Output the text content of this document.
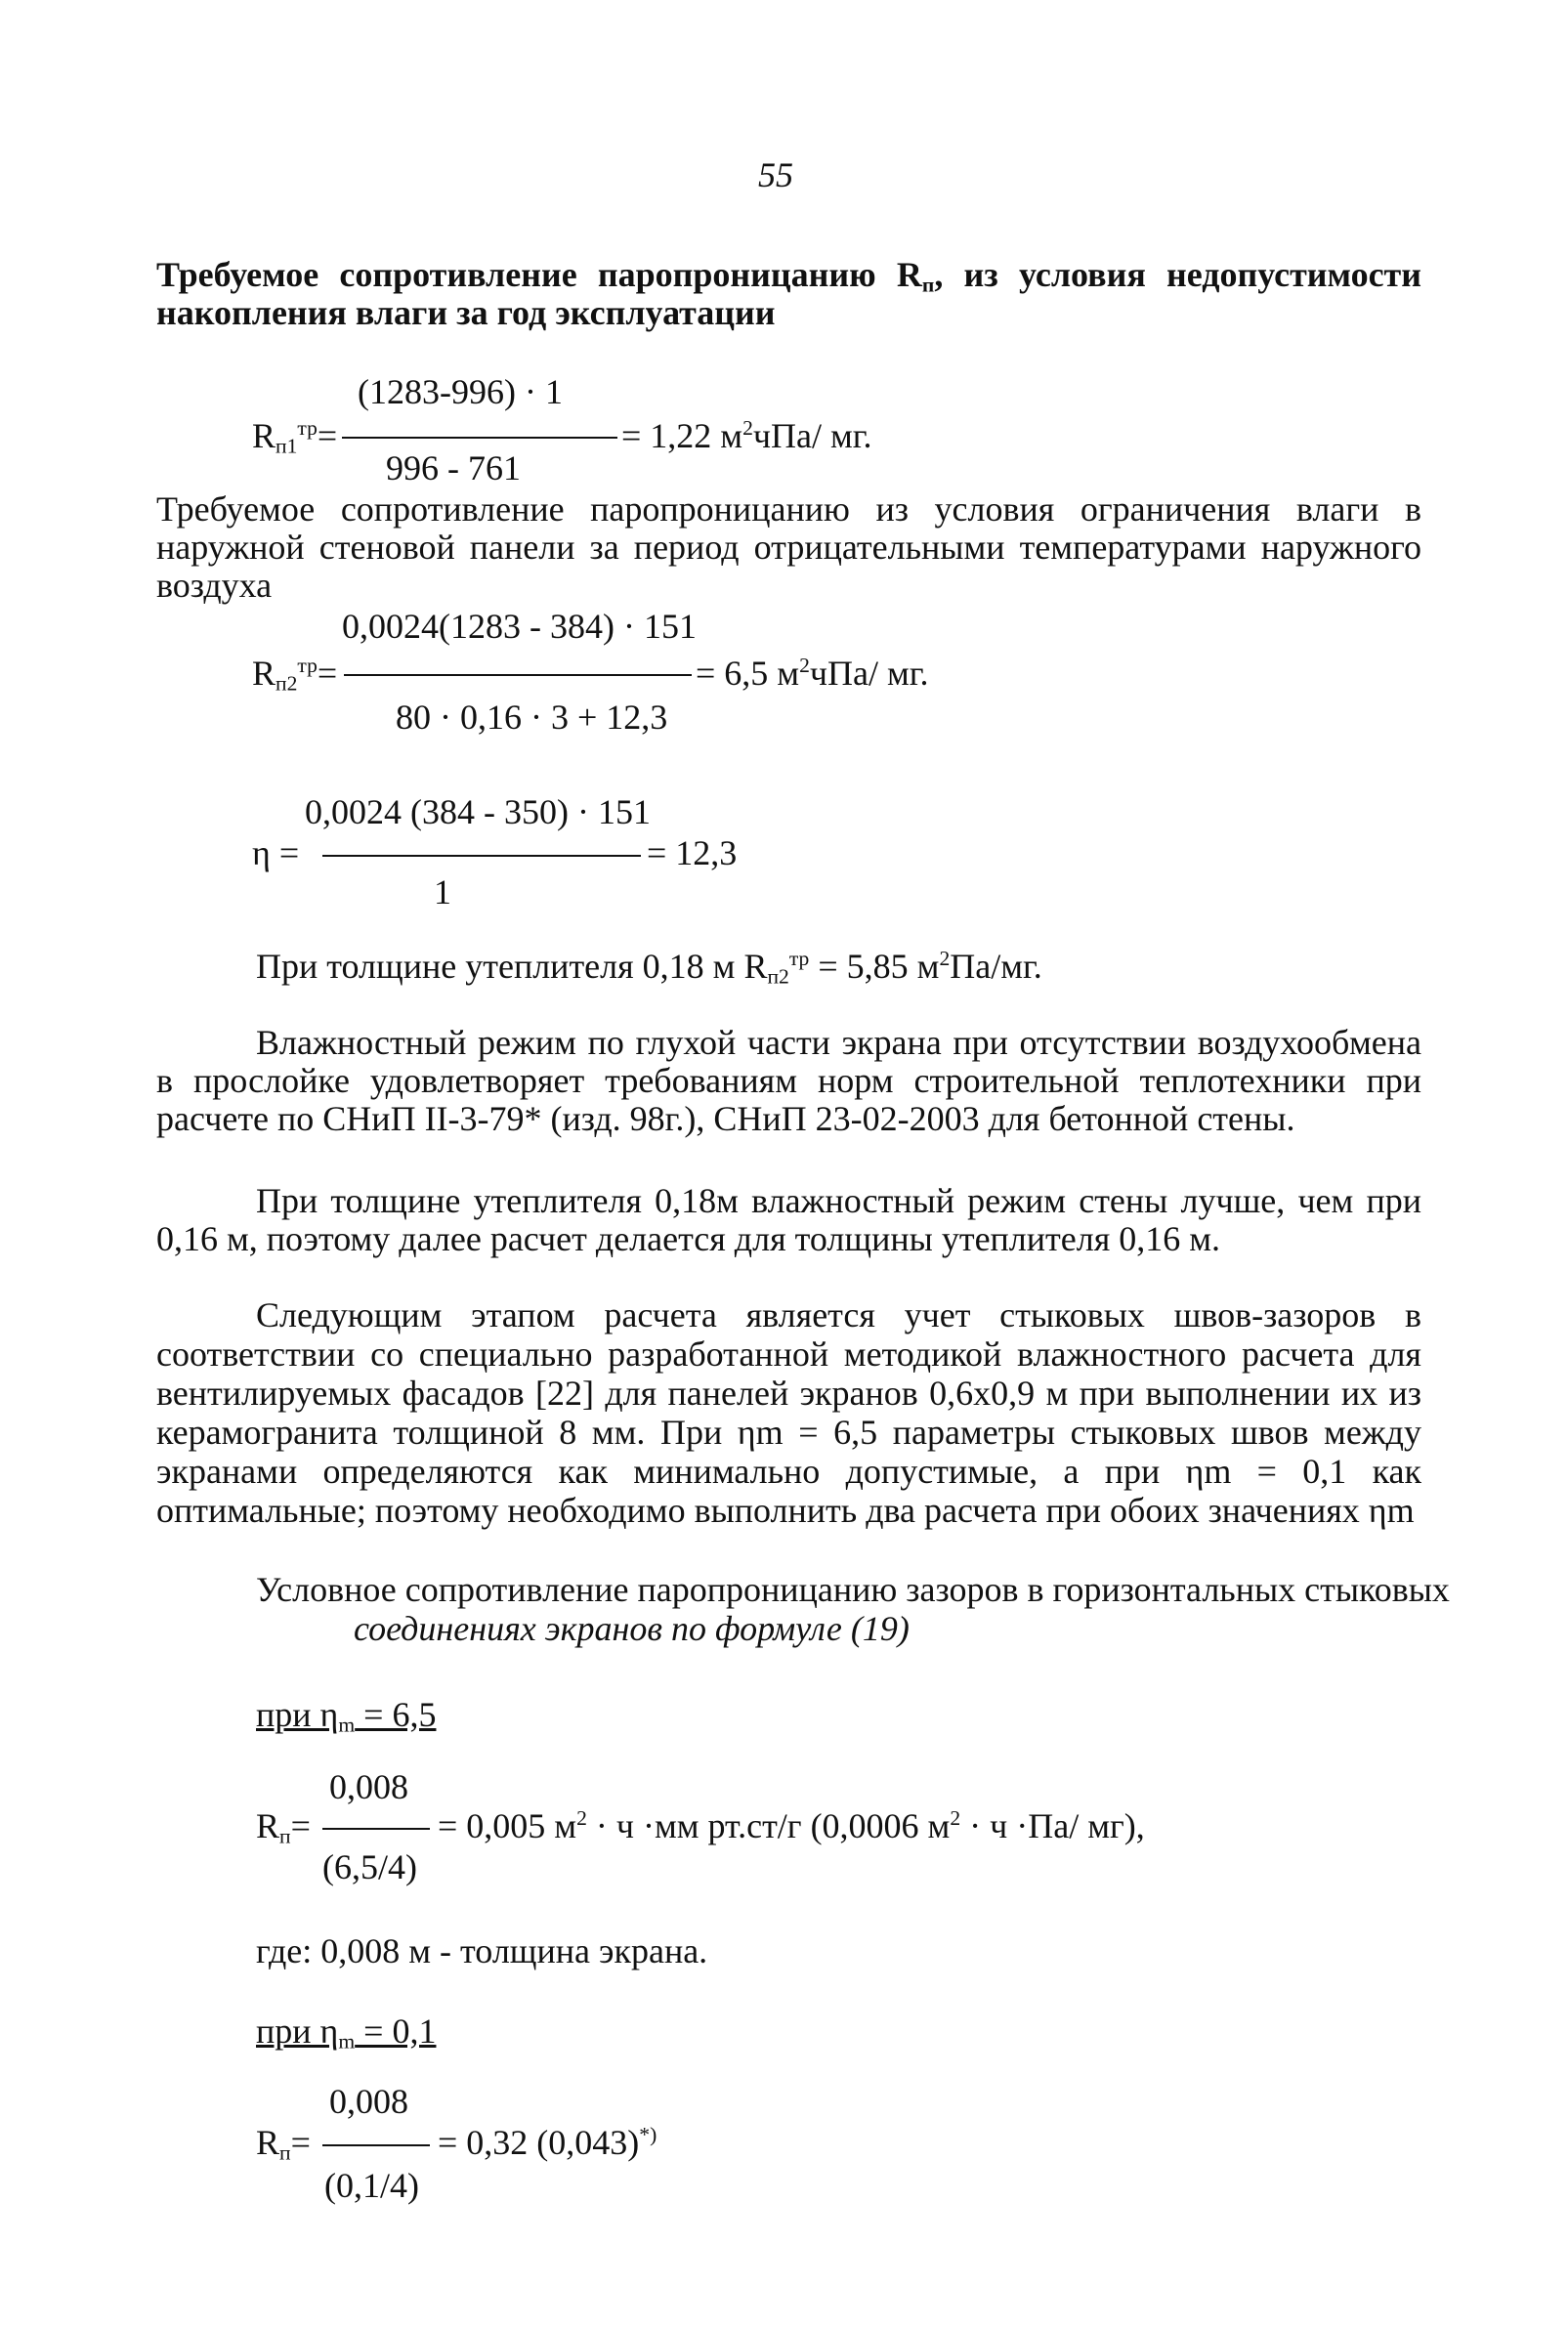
55
Требуемое сопротивление паропроницанию $R_п$, из условия недопустимости накопления влаги за год эксплуатации
$R_{п1}^{тр}=$
(1283-996) · 1
996 - 761
= 1,22 $м^2чПа/$ мг.
Требуемое сопротивление паропроницанию из условия ограничения влаги в наружной стеновой панели за период отрицательными температурами наружного воздуха
$R_{п2}^{тр}=$
0,0024(1283 - 384) · 151
80 · 0,16 · 3 + 12,3
= 6,5 $м^2чПа/$ мг.
η =
0,0024 (384 - 350) · 151
1
= 12,3
При толщине утеплителя 0,18 м $R_{п2}^{тр} = 5,85$ $м^2Па/мг$.
Влажностный режим по глухой части экрана при отсутствии воздухообмена в прослойке удовлетворяет требованиям норм строительной теплотехники при расчете по СНиП II-3-79* (изд. 98г.), СНиП 23-02-2003 для бетонной стены.
При толщине утеплителя 0,18м влажностный режим стены лучше, чем при 0,16 м, поэтому далее расчет делается для толщины утеплителя 0,16 м.
Следующим этапом расчета является учет стыковых швов-зазоров в соответствии со специально разработанной методикой влажностного расчета для вентилируемых фасадов [22] для панелей экранов 0,6х0,9 м при выполнении их из керамогранита толщиной 8 мм. При ηm = 6,5 параметры стыковых швов между экранами определяются как минимально допустимые, а при ηm = 0,1 как оптимальные; поэтому необходимо выполнить два расчета при обоих значениях ηm
Условное сопротивление паропроницанию зазоров в горизонтальных стыковых
соединениях экранов по формуле (19)
при $\eta_m = 6,5$
0,008
$R_п=$
(6,5/4)
= 0,005 $м^2 \cdot ч \cdot мм$ рт.ст/г (0,0006 $м^2 \cdot ч \cdot Па/$ мг),
где: 0,008 м - толщина экрана.
при $\eta_m = 0,1$
0,008
$R_п=$
(0,1/4)
= 0,32 (0,043)*)
